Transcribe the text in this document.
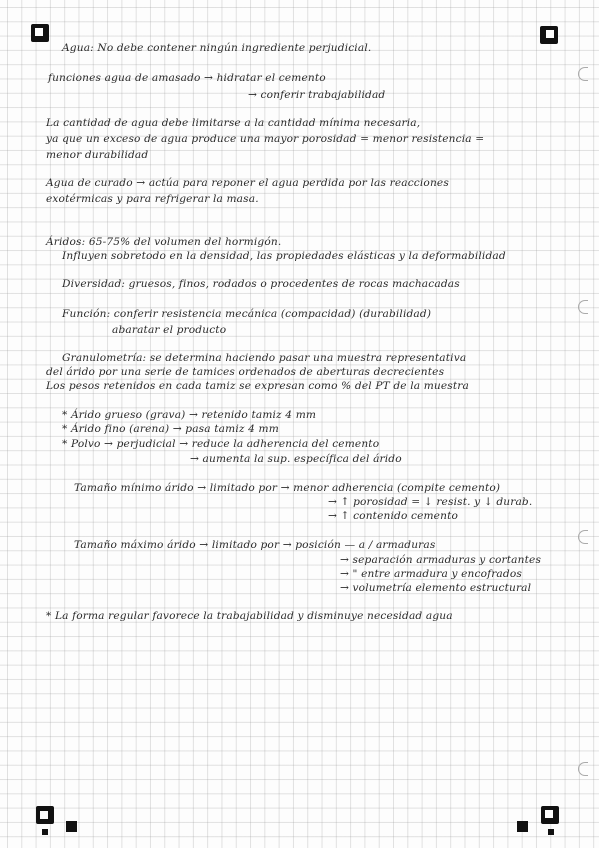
Agua: No debe contener ningún ingrediente perjudicial.
funciones agua de amasado → hidratar el cemento
→ conferir trabajabilidad
La cantidad de agua debe limitarse a la cantidad mínima necesaria,
ya que un exceso de agua produce una mayor porosidad = menor resistencia =
menor durabilidad
Agua de curado → actúa para reponer el agua perdida por las reacciones
exotérmicas y para refrigerar la masa.
Áridos: 65-75% del volumen del hormigón.
Influyen sobretodo en la densidad, las propiedades elásticas y la deformabilidad
Diversidad: gruesos, finos, rodados o procedentes de rocas machacadas
Función: conferir resistencia mecánica (compacidad) (durabilidad)
abaratar el producto
Granulometría: se determina haciendo pasar una muestra representativa
del árido por una serie de tamices ordenados de aberturas decrecientes
Los pesos retenidos en cada tamiz se expresan como % del PT de la muestra
* Árido grueso (grava) → retenido tamiz 4 mm
* Árido fino (arena) → pasa tamiz 4 mm
* Polvo → perjudicial → reduce la adherencia del cemento
→ aumenta la sup. específica del árido
Tamaño mínimo árido → limitado por → menor adherencia (compite cemento)
→ ↑ porosidad = ↓ resist. y ↓ durab.
→ ↑ contenido cemento
Tamaño máximo árido → limitado por → posición — a / armaduras
→ separación armaduras y cortantes
→ " entre armadura y encofrados
→ volumetría elemento estructural
* La forma regular favorece la trabajabilidad y disminuye necesidad agua
